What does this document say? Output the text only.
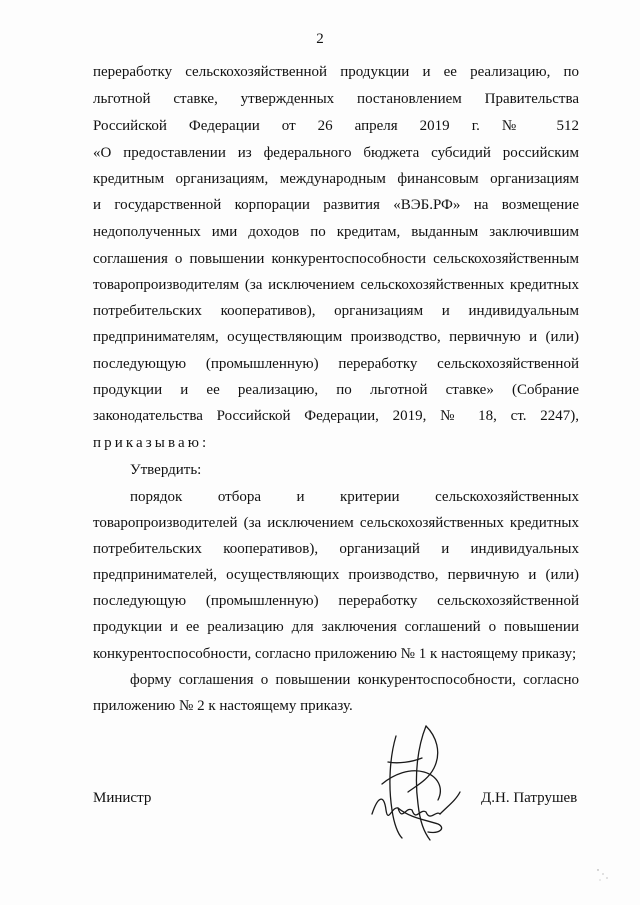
2
переработку сельскохозяйственной продукции и ее реализацию, по
льготной ставке, утвержденных постановлением Правительства
Российской Федерации от 26 апреля 2019 г. № 512
«О предоставлении из федерального бюджета субсидий российским
кредитным организациям, международным финансовым организациям
и государственной корпорации развития «ВЭБ.РФ» на возмещение
недополученных ими доходов по кредитам, выданным заключившим
соглашения о повышении конкурентоспособности сельскохозяйственным
товаропроизводителям (за исключением сельскохозяйственных кредитных
потребительских кооперативов), организациям и индивидуальным
предпринимателям, осуществляющим производство, первичную и (или)
последующую (промышленную) переработку сельскохозяйственной
продукции и ее реализацию, по льготной ставке» (Собрание
законодательства Российской Федерации, 2019, № 18, ст. 2247),
приказываю:
Утвердить:
порядок отбора и критерии сельскохозяйственных
товаропроизводителей (за исключением сельскохозяйственных кредитных
потребительских кооперативов), организаций и индивидуальных
предпринимателей, осуществляющих производство, первичную и (или)
последующую (промышленную) переработку сельскохозяйственной
продукции и ее реализацию для заключения соглашений о повышении
конкурентоспособности, согласно приложению № 1 к настоящему приказу;
форму соглашения о повышении конкурентоспособности, согласно
приложению № 2 к настоящему приказу.
Министр	Д.Н. Патрушев
